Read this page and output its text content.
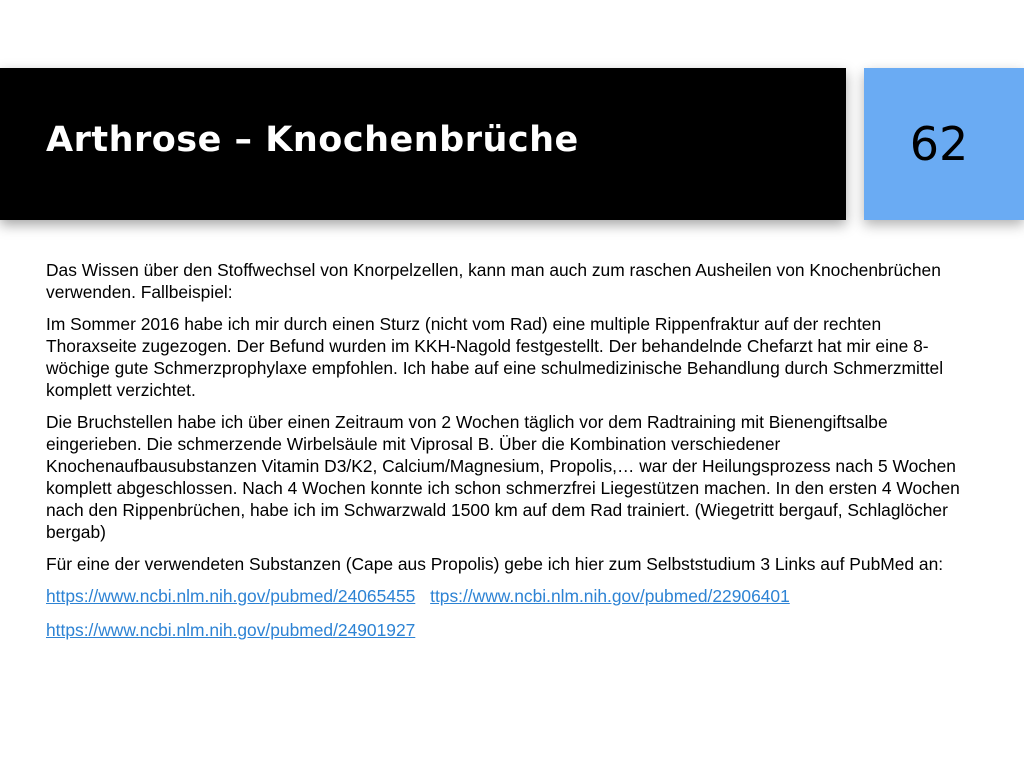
Arthrose – Knochenbrüche	62

Das Wissen über den Stoffwechsel von Knorpelzellen, kann man auch zum raschen Ausheilen von Knochenbrüchen verwenden. Fallbeispiel:

Im Sommer 2016 habe ich mir durch einen Sturz (nicht vom Rad) eine multiple Rippenfraktur auf der rechten Thoraxseite zugezogen. Der Befund wurden im KKH-Nagold festgestellt. Der behandelnde Chefarzt hat mir eine 8-wöchige gute Schmerzprophylaxe empfohlen. Ich habe auf eine schulmedizinische Behandlung durch Schmerzmittel komplett verzichtet.

Die Bruchstellen habe ich über einen Zeitraum von 2 Wochen täglich vor dem Radtraining mit Bienengiftsalbe eingerieben. Die schmerzende Wirbelsäule mit Viprosal B. Über die Kombination verschiedener Knochenaufbausubstanzen Vitamin D3/K2, Calcium/Magnesium, Propolis,… war der Heilungsprozess nach 5 Wochen komplett abgeschlossen. Nach 4 Wochen konnte ich schon schmerzfrei Liegestützen machen. In den ersten 4 Wochen nach den Rippenbrüchen, habe ich im Schwarzwald 1500 km auf dem Rad trainiert. (Wiegetritt bergauf, Schlaglöcher bergab)

Für eine der verwendeten Substanzen (Cape aus Propolis) gebe ich hier zum Selbststudium 3 Links auf PubMed an:

https://www.ncbi.nlm.nih.gov/pubmed/24065455 ttps://www.ncbi.nlm.nih.gov/pubmed/22906401
https://www.ncbi.nlm.nih.gov/pubmed/24901927
